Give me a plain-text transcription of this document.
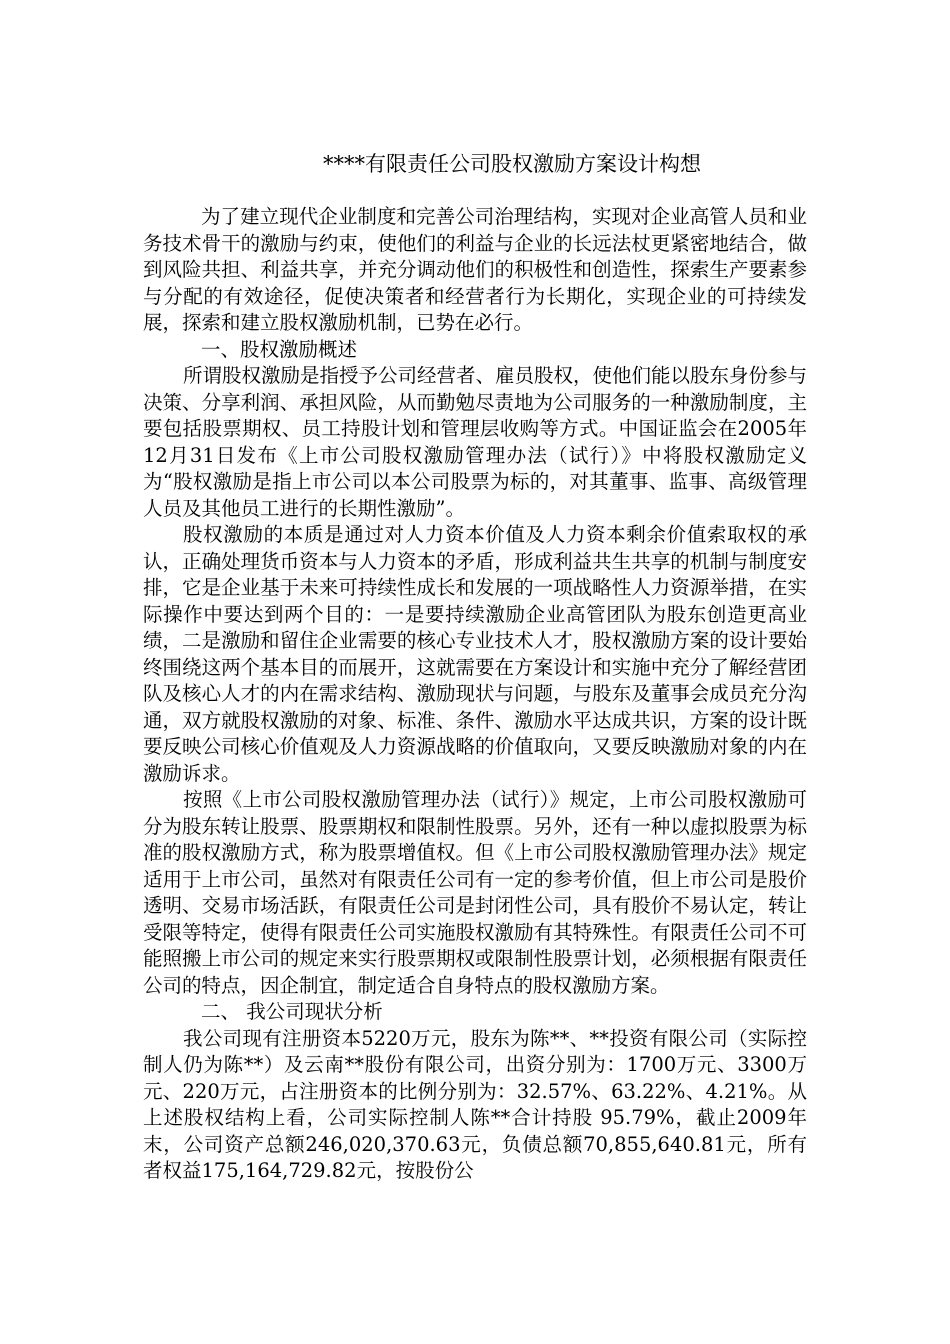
****有限责任公司股权激励方案设计构想

为了建立现代企业制度和完善公司治理结构，实现对企业高管人员和业务技术骨干的激励与约束，使他们的利益与企业的长远法杖更紧密地结合，做到风险共担、利益共享，并充分调动他们的积极性和创造性，探索生产要素参与分配的有效途径，促使决策者和经营者行为长期化，实现企业的可持续发展，探索和建立股权激励机制，已势在必行。

一、股权激励概述

所谓股权激励是指授予公司经营者、雇员股权，使他们能以股东身份参与决策、分享利润、承担风险，从而勤勉尽责地为公司服务的一种激励制度，主要包括股票期权、员工持股计划和管理层收购等方式。中国证监会在2005年12月31日发布《上市公司股权激励管理办法（试行）》中将股权激励定义为“股权激励是指上市公司以本公司股票为标的，对其董事、监事、高级管理人员及其他员工进行的长期性激励”。

股权激励的本质是通过对人力资本价值及人力资本剩余价值索取权的承认，正确处理货币资本与人力资本的矛盾，形成利益共生共享的机制与制度安排，它是企业基于未来可持续性成长和发展的一项战略性人力资源举措，在实际操作中要达到两个目的：一是要持续激励企业高管团队为股东创造更高业绩，二是激励和留住企业需要的核心专业技术人才，股权激励方案的设计要始终围绕这两个基本目的而展开，这就需要在方案设计和实施中充分了解经营团队及核心人才的内在需求结构、激励现状与问题，与股东及董事会成员充分沟通，双方就股权激励的对象、标准、条件、激励水平达成共识，方案的设计既要反映公司核心价值观及人力资源战略的价值取向，又要反映激励对象的内在激励诉求。

按照《上市公司股权激励管理办法（试行）》规定，上市公司股权激励可分为股东转让股票、股票期权和限制性股票。另外，还有一种以虚拟股票为标准的股权激励方式，称为股票增值权。但《上市公司股权激励管理办法》规定适用于上市公司，虽然对有限责任公司有一定的参考价值，但上市公司是股价透明、交易市场活跃，有限责任公司是封闭性公司，具有股价不易认定，转让受限等特定，使得有限责任公司实施股权激励有其特殊性。有限责任公司不可能照搬上市公司的规定来实行股票期权或限制性股票计划，必须根据有限责任公司的特点，因企制宜，制定适合自身特点的股权激励方案。

二、 我公司现状分析

我公司现有注册资本5220万元，股东为陈**、**投资有限公司（实际控制人仍为陈**）及云南**股份有限公司，出资分别为：1700万元、3300万元、220万元，占注册资本的比例分别为：32.57%、63.22%、4.21%。从上述股权结构上看，公司实际控制人陈**合计持股 95.79%，截止2009年末，公司资产总额246,020,370.63元，负债总额70,855,640.81元，所有者权益175,164,729.82元，按股份公
